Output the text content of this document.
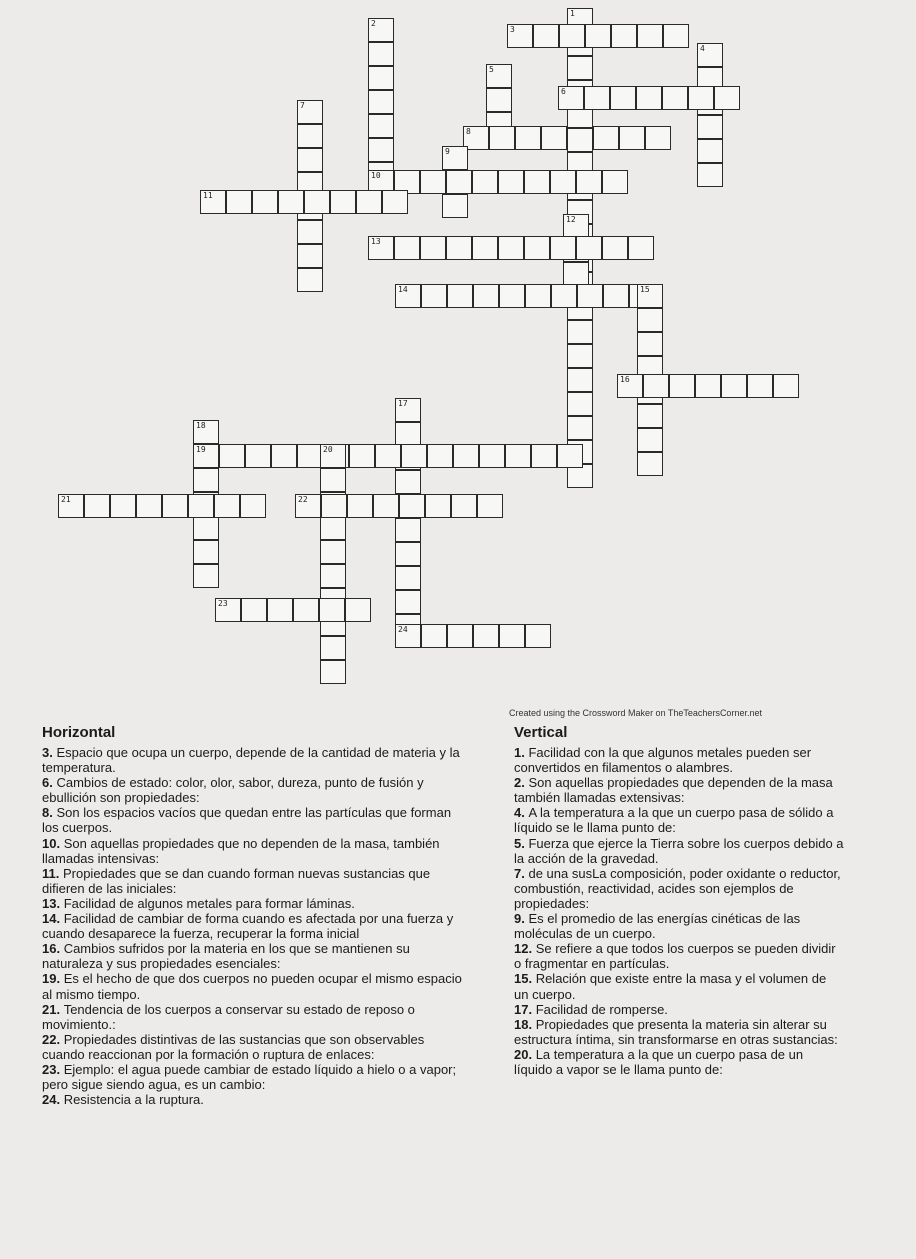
1
2
3
4
5
6
7
8
9
10
11
12
13
14	15
16
17
18
19	20
21	22
23
24
Created using the Crossword Maker on TheTeachersCorner.net
Horizontal	Vertical

3. Espacio que ocupa un cuerpo, depende de la cantidad de materia y la temperatura.

6. Cambios de estado: color, olor, sabor, dureza, punto de fusión y ebullición son propiedades:

8. Son los espacios vacíos que quedan entre las partículas que forman los cuerpos.

10. Son aquellas propiedades que no dependen de la masa, también llamadas intensivas:

11. Propiedades que se dan cuando forman nuevas sustancias que difieren de las iniciales:

13. Facilidad de algunos metales para formar láminas.

14. Facilidad de cambiar de forma cuando es afectada por una fuerza y cuando desaparece la fuerza, recuperar la forma inicial

16. Cambios sufridos por la materia en los que se mantienen su naturaleza y sus propiedades esenciales:

19. Es el hecho de que dos cuerpos no pueden ocupar el mismo espacio al mismo tiempo.

21. Tendencia de los cuerpos a conservar su estado de reposo o movimiento.:

22. Propiedades distintivas de las sustancias que son observables cuando reaccionan por la formación o ruptura de enlaces:

23. Ejemplo: el agua puede cambiar de estado líquido a hielo o a vapor; pero sigue siendo agua, es un cambio:

24. Resistencia a la ruptura.

1. Facilidad con la que algunos metales pueden ser convertidos en filamentos o alambres.

2. Son aquellas propiedades que dependen de la masa también llamadas extensivas:

4. A la temperatura a la que un cuerpo pasa de sólido a líquido se le llama punto de:

5. Fuerza que ejerce la Tierra sobre los cuerpos debido a la acción de la gravedad.

7. de una susLa composición, poder oxidante o reductor, combustión, reactividad, acides son ejemplos de propiedades:

9. Es el promedio de las energías cinéticas de las moléculas de un cuerpo.

12. Se refiere a que todos los cuerpos se pueden dividir o fragmentar en partículas.

15. Relación que existe entre la masa y el volumen de un cuerpo.

17. Facilidad de romperse.

18. Propiedades que presenta la materia sin alterar su estructura íntima, sin transformarse en otras sustancias:

20. La temperatura a la que un cuerpo pasa de un líquido a vapor se le llama punto de:
